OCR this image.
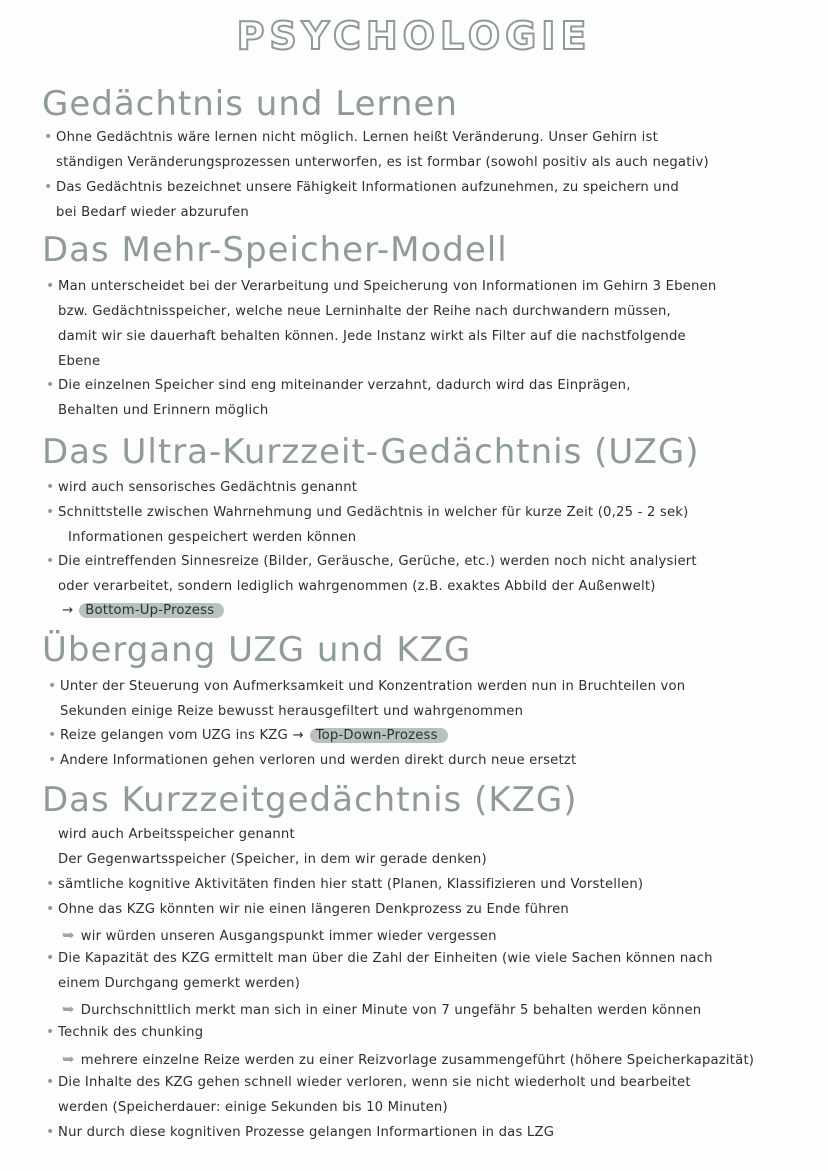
PSYCHOLOGIE
Gedächtnis und Lernen
• Ohne Gedächtnis wäre lernen nicht möglich. Lernen heißt Veränderung. Unser Gehirn ist
ständigen Veränderungsprozessen unterworfen, es ist formbar (sowohl positiv als auch negativ)
• Das Gedächtnis bezeichnet unsere Fähigkeit Informationen aufzunehmen, zu speichern und
bei Bedarf wieder abzurufen
Das Mehr-Speicher-Modell
• Man unterscheidet bei der Verarbeitung und Speicherung von Informationen im Gehirn 3 Ebenen
bzw. Gedächtnisspeicher, welche neue Lerninhalte der Reihe nach durchwandern müssen,
damit wir sie dauerhaft behalten können. Jede Instanz wirkt als Filter auf die nachstfolgende
Ebene
• Die einzelnen Speicher sind eng miteinander verzahnt, dadurch wird das Einprägen,
Behalten und Erinnern möglich
Das Ultra-Kurzzeit-Gedächtnis (UZG)
• wird auch sensorisches Gedächtnis genannt
• Schnittstelle zwischen Wahrnehmung und Gedächtnis in welcher für kurze Zeit (0,25 - 2 sek)
Informationen gespeichert werden können
• Die eintreffenden Sinnesreize (Bilder, Geräusche, Gerüche, etc.) werden noch nicht analysiert
oder verarbeitet, sondern lediglich wahrgenommen (z.B. exaktes Abbild der Außenwelt)
→ Bottom-Up-Prozess
Übergang UZG und KZG
• Unter der Steuerung von Aufmerksamkeit und Konzentration werden nun in Bruchteilen von
Sekunden einige Reize bewusst herausgefiltert und wahrgenommen
• Reize gelangen vom UZG ins KZG → Top-Down-Prozess
• Andere Informationen gehen verloren und werden direkt durch neue ersetzt
Das Kurzzeitgedächtnis (KZG)
wird auch Arbeitsspeicher genannt
Der Gegenwartsspeicher (Speicher, in dem wir gerade denken)
• sämtliche kognitive Aktivitäten finden hier statt (Planen, Klassifizieren und Vorstellen)
• Ohne das KZG könnten wir nie einen längeren Denkprozess zu Ende führen
➥ wir würden unseren Ausgangspunkt immer wieder vergessen
• Die Kapazität des KZG ermittelt man über die Zahl der Einheiten (wie viele Sachen können nach
einem Durchgang gemerkt werden)
➥ Durchschnittlich merkt man sich in einer Minute von 7 ungefähr 5 behalten werden können
• Technik des chunking
➥ mehrere einzelne Reize werden zu einer Reizvorlage zusammengeführt (höhere Speicherkapazität)
• Die Inhalte des KZG gehen schnell wieder verloren, wenn sie nicht wiederholt und bearbeitet
werden (Speicherdauer: einige Sekunden bis 10 Minuten)
• Nur durch diese kognitiven Prozesse gelangen Informartionen in das LZG
